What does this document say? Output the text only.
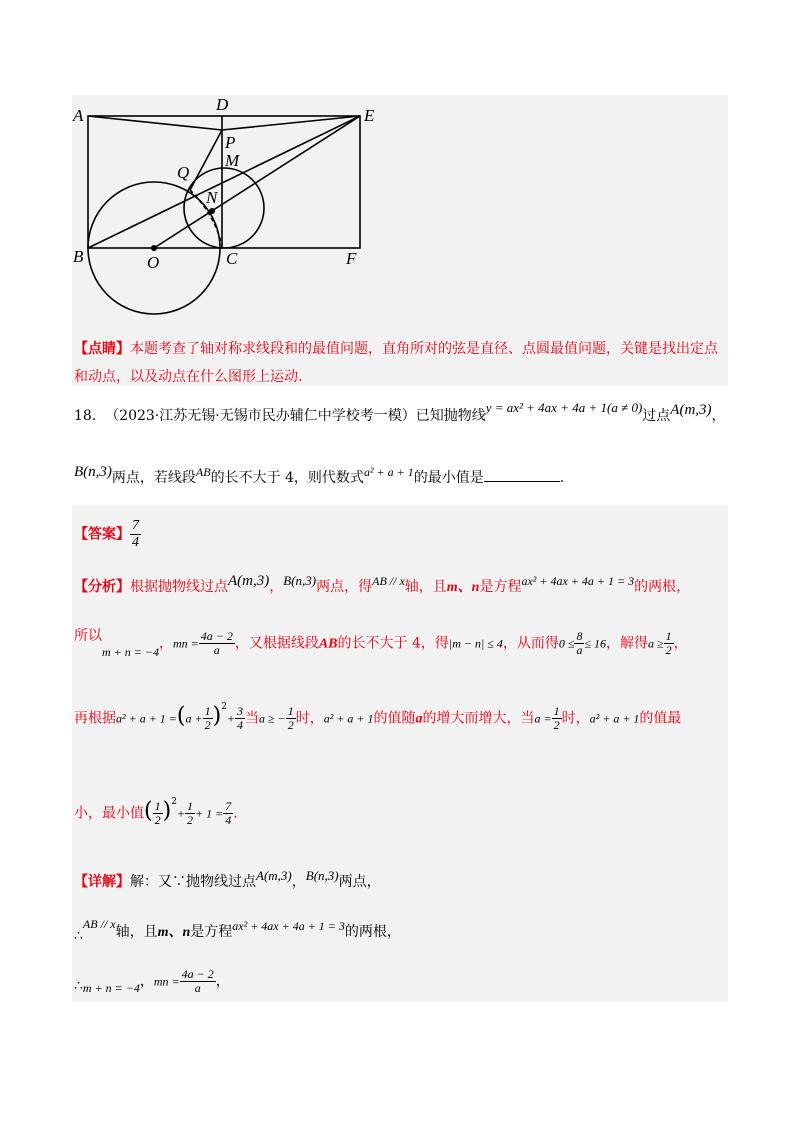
A
D
E
P
M
Q
N
B	O	C	F
【点睛】本题考查了轴对称求线段和的最值问题，直角所对的弦是直径、点圆最值问题，关键是找出定点
和动点，以及动点在什么图形上运动.
18. （2023·江苏无锡·无锡市民办辅仁中学校考一模）已知抛物线y = ax² + 4ax + 4a + 1(a ≠ 0)过点A(m,3)，
B(n,3)两点，若线段AB的长不大于 4，则代数式a² + a + 1的最小值是	.
【答案】 $\frac{7}{4}$
【分析】根据抛物线过点A(m,3)，B(n,3)两点，得AB // x轴，且m、n是方程ax² + 4ax + 4a + 1 = 3的两根，
所以m + n = −4，mn = $\frac{4a - 2}{a}$ ，又根据线段AB的长不大于 4，得|m − n| ≤ 4，从而得$0 \le \frac{8}{a} \le 16$，解得$a \ge \frac{1}{2}$ ，
再根据$a^2 + a + 1 =(a + \frac{1}{2} )^2+ \frac{3}{4}$ 当a ≥ − $\frac{1}{2}$ 时，a² + a + 1的值随a的增大而增大，当$a = \frac{1}{2}$ 时，a² + a + 1的值最
小，最小值( $\frac{1}{2} )^2+ \frac{1}{2} + 1 = \frac{7}{4}$ .
【详解】解：又∵抛物线过点A(m,3)，B(n,3)两点，
∴AB // x轴，且m、n是方程ax² + 4ax + 4a + 1 = 3的两根，
∴m + n = −4，mn = $\frac{4a - 2}{a}$ ，
